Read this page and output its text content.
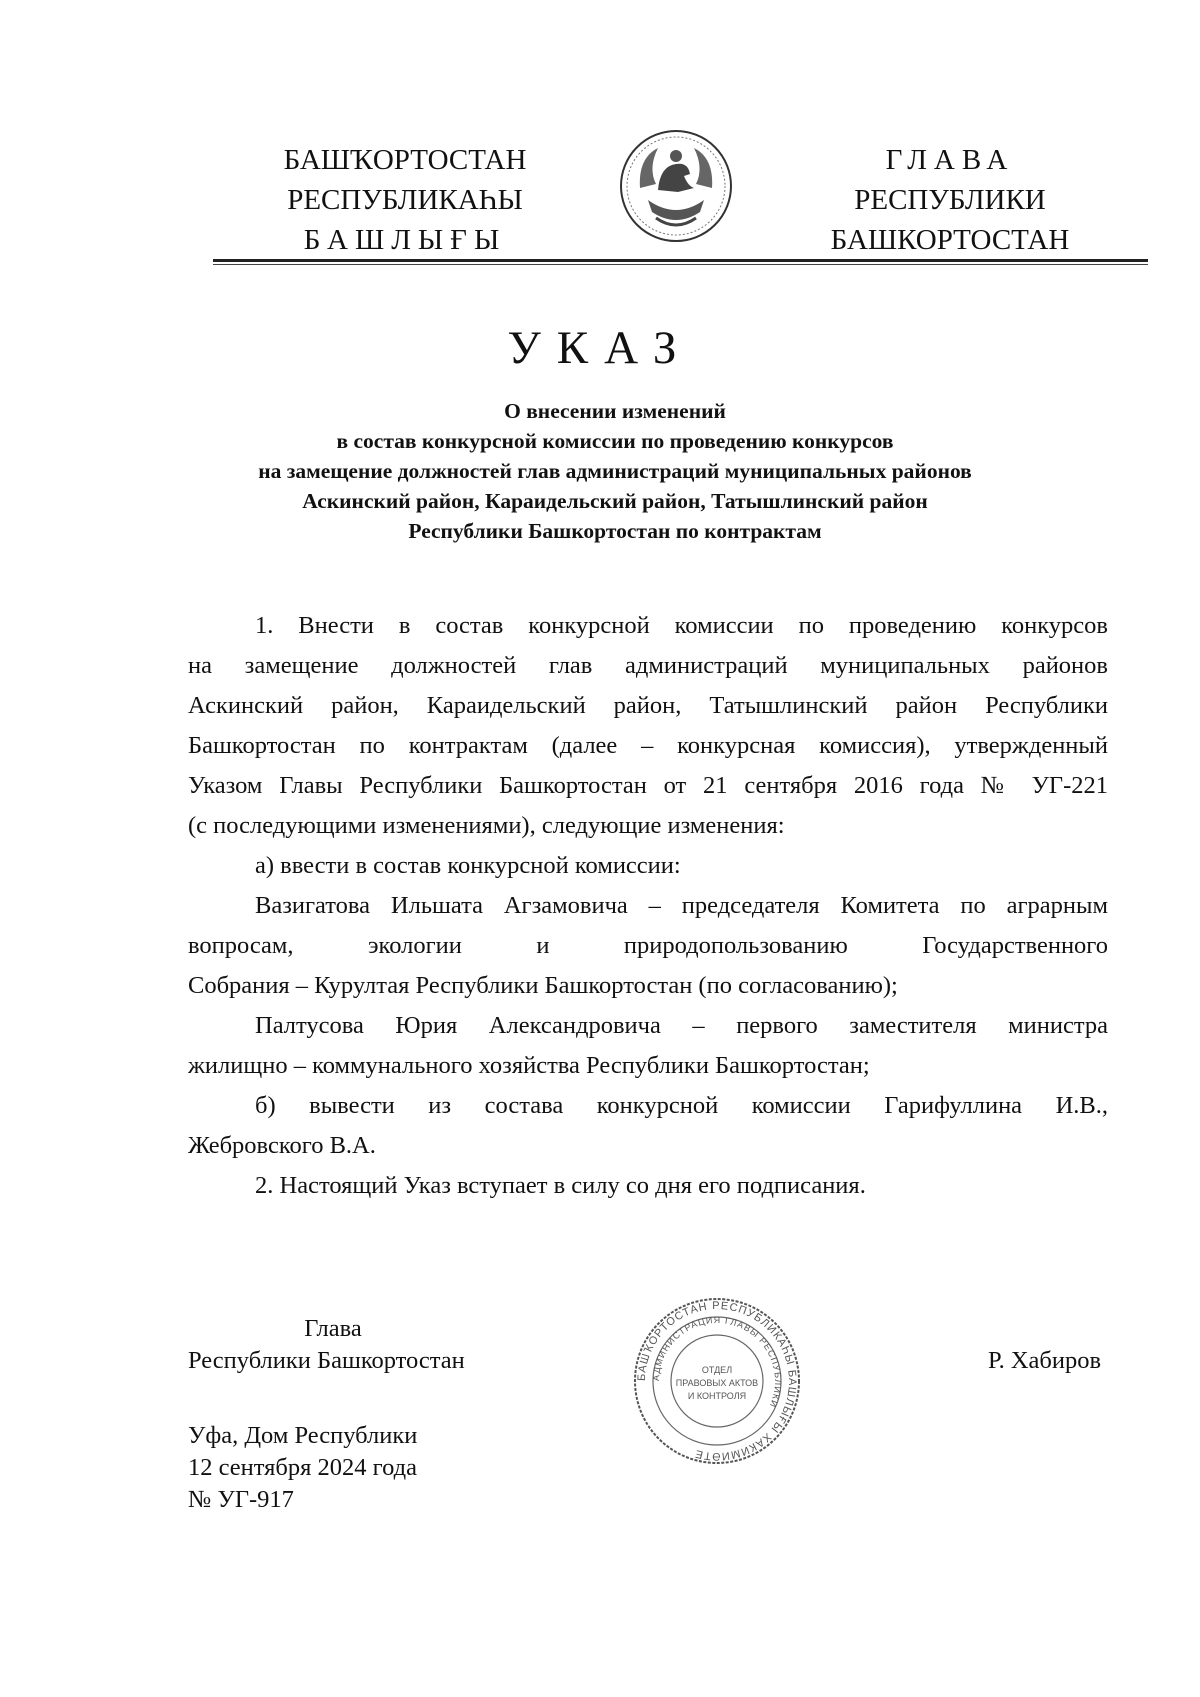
БАШҠОРТОСТАН
РЕСПУБЛИКАҺЫ
БАШЛЫҒЫ
ГЛАВА
РЕСПУБЛИКИ
БАШКОРТОСТАН
УКАЗ
О внесении изменений
в состав конкурсной комиссии по проведению конкурсов
на замещение должностей глав администраций муниципальных районов
Аскинский район, Караидельский район, Татышлинский район
Республики Башкортостан по контрактам

1. Внести в состав конкурсной комиссии по проведению конкурсов

на замещение должностей глав администраций муниципальных районов

Аскинский район, Караидельский район, Татышлинский район Республики

Башкортостан по контрактам (далее – конкурсная комиссия), утвержденный

Указом Главы Республики Башкортостан от 21 сентября 2016 года № УГ-221

(с последующими изменениями), следующие изменения:

а) ввести в состав конкурсной комиссии:

Вазигатова Ильшата Агзамовича – председателя Комитета по аграрным

вопросам, экологии и природопользованию Государственного

Собрания – Курултая Республики Башкортостан (по согласованию);

Палтусова Юрия Александровича – первого заместителя министра

жилищно – коммунального хозяйства Республики Башкортостан;

б) вывести из состава конкурсной комиссии Гарифуллина И.В.,

Жебровского В.А.

2. Настоящий Указ вступает в силу со дня его подписания.

Глава
Республики Башкортостан
БАШҠОРТОСТАН РЕСПУБЛИКАҺЫ БАШЛЫҒЫ ХАКИМИӘТЕ
АДМИНИСТРАЦИЯ ГЛАВЫ РЕСПУБЛИКИ
ОТДЕЛ
ПРАВОВЫХ АКТОВ
И КОНТРОЛЯ
Р. Хабиров
Уфа, Дом Республики
12 сентября 2024 года
№ УГ-917
